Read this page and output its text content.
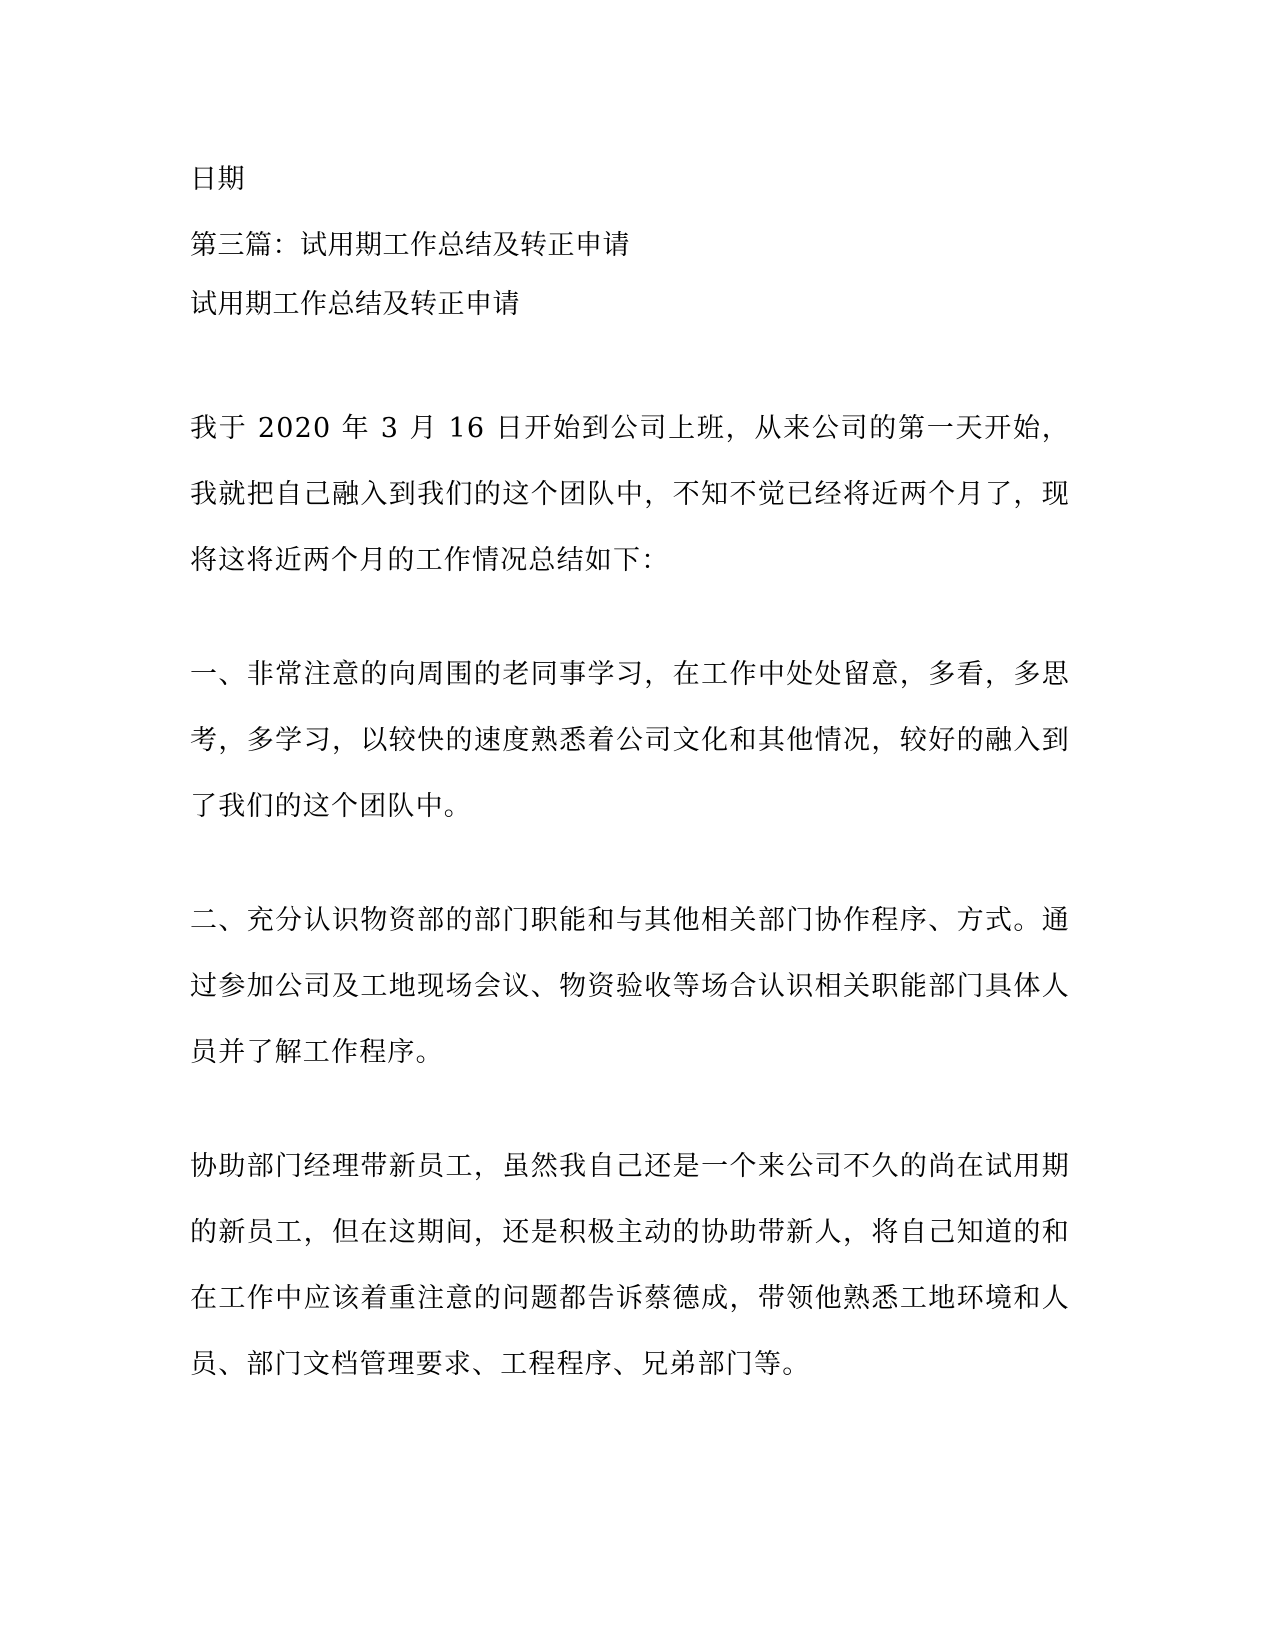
日期
第三篇：试用期工作总结及转正申请
试用期工作总结及转正申请
我于 2020 年 3 月 16 日开始到公司上班，从来公司的第一天开始，我就把自己融入到我们的这个团队中，不知不觉已经将近两个月了，现将这将近两个月的工作情况总结如下：
一、非常注意的向周围的老同事学习，在工作中处处留意，多看，多思考，多学习，以较快的速度熟悉着公司文化和其他情况，较好的融入到了我们的这个团队中。
二、充分认识物资部的部门职能和与其他相关部门协作程序、方式。通过参加公司及工地现场会议、物资验收等场合认识相关职能部门具体人员并了解工作程序。
协助部门经理带新员工，虽然我自己还是一个来公司不久的尚在试用期的新员工，但在这期间，还是积极主动的协助带新人，将自己知道的和在工作中应该着重注意的问题都告诉蔡德成，带领他熟悉工地环境和人员、部门文档管理要求、工程程序、兄弟部门等。
